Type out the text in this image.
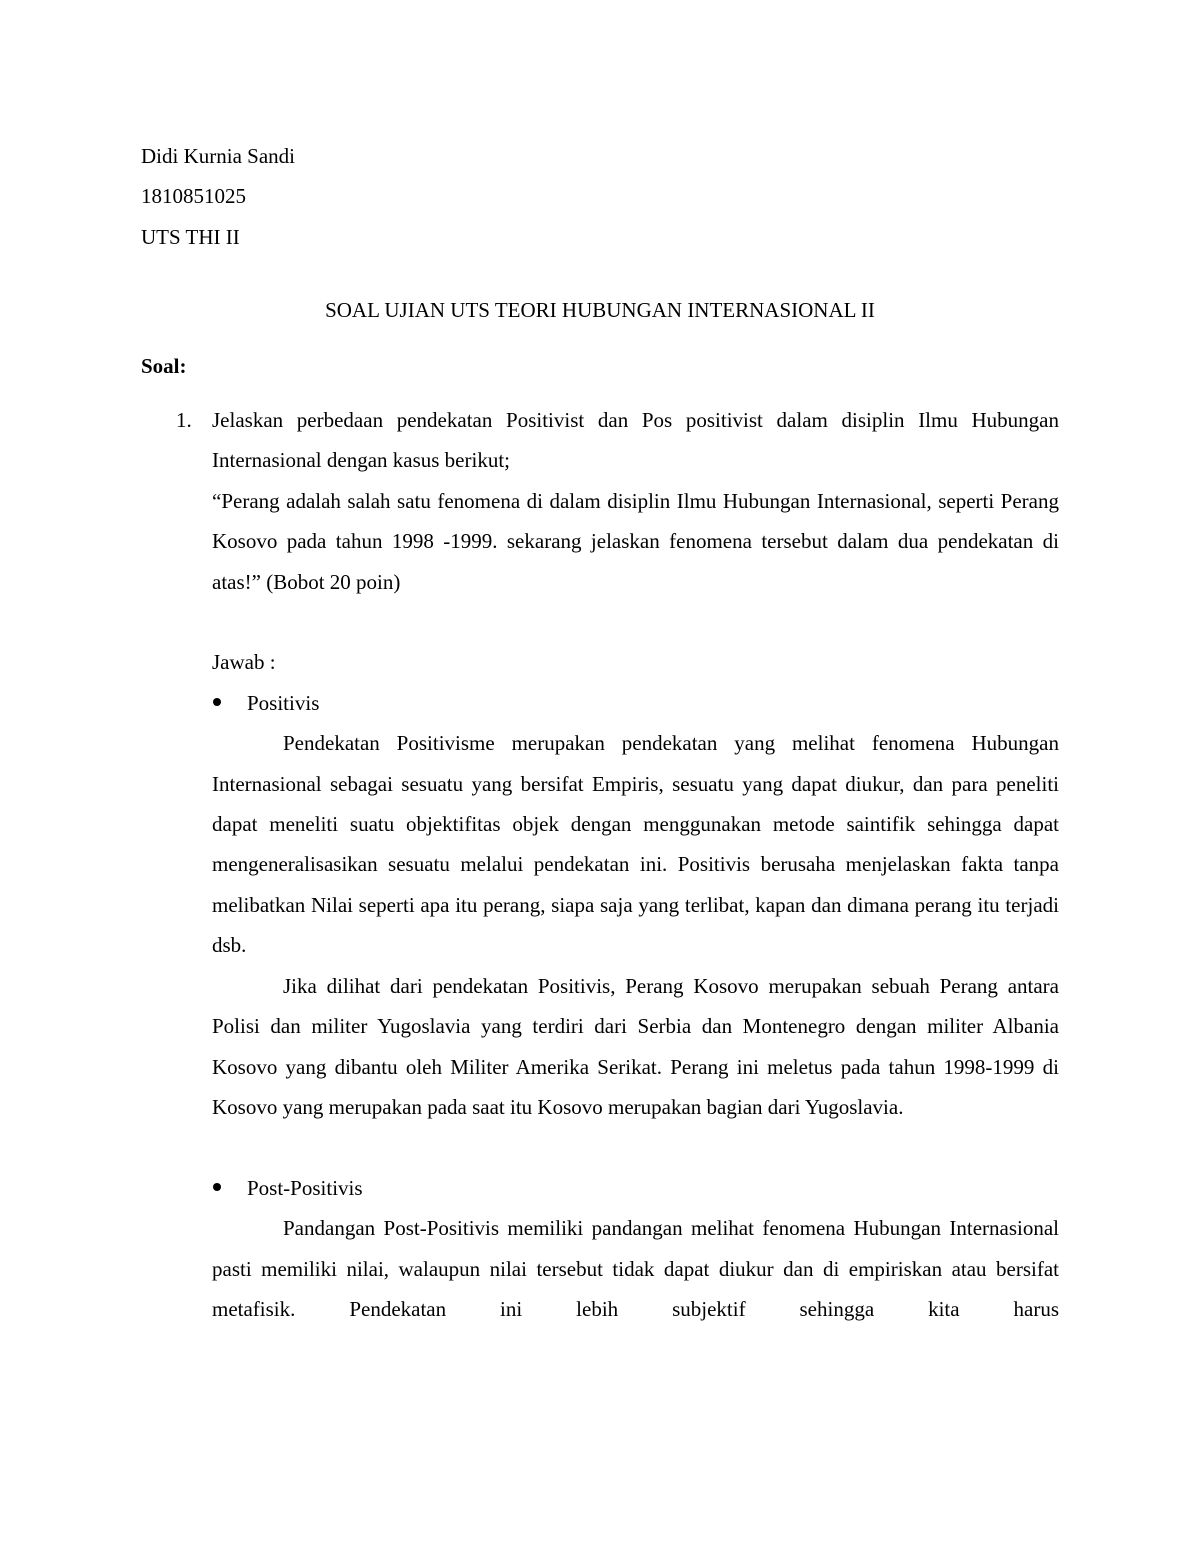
Didi Kurnia Sandi

1810851025

UTS THI II

SOAL UJIAN UTS TEORI HUBUNGAN INTERNASIONAL II

Soal:

1. Jelaskan perbedaan pendekatan Positivist dan Pos positivist dalam disiplin Ilmu Hubungan Internasional dengan kasus berikut;

“Perang adalah salah satu fenomena di dalam disiplin Ilmu Hubungan Internasional, seperti Perang Kosovo pada tahun 1998 -1999. sekarang jelaskan fenomena tersebut dalam dua pendekatan di atas!” (Bobot 20 poin)

Jawab :

Positivis

Pendekatan Positivisme merupakan pendekatan yang melihat fenomena Hubungan Internasional sebagai sesuatu yang bersifat Empiris, sesuatu yang dapat diukur, dan para peneliti dapat meneliti suatu objektifitas objek dengan menggunakan metode saintifik sehingga dapat mengeneralisasikan sesuatu melalui pendekatan ini. Positivis berusaha menjelaskan fakta tanpa melibatkan Nilai seperti apa itu perang, siapa saja yang terlibat, kapan dan dimana perang itu terjadi dsb.

Jika dilihat dari pendekatan Positivis, Perang Kosovo merupakan sebuah Perang antara Polisi dan militer Yugoslavia yang terdiri dari Serbia dan Montenegro dengan militer Albania Kosovo yang dibantu oleh Militer Amerika Serikat. Perang ini meletus pada tahun 1998-1999 di Kosovo yang merupakan pada saat itu Kosovo merupakan bagian dari Yugoslavia.

Post-Positivis

Pandangan Post-Positivis memiliki pandangan melihat fenomena Hubungan Internasional pasti memiliki nilai, walaupun nilai tersebut tidak dapat diukur dan di empiriskan atau bersifat metafisik. Pendekatan ini lebih subjektif sehingga kita harus
